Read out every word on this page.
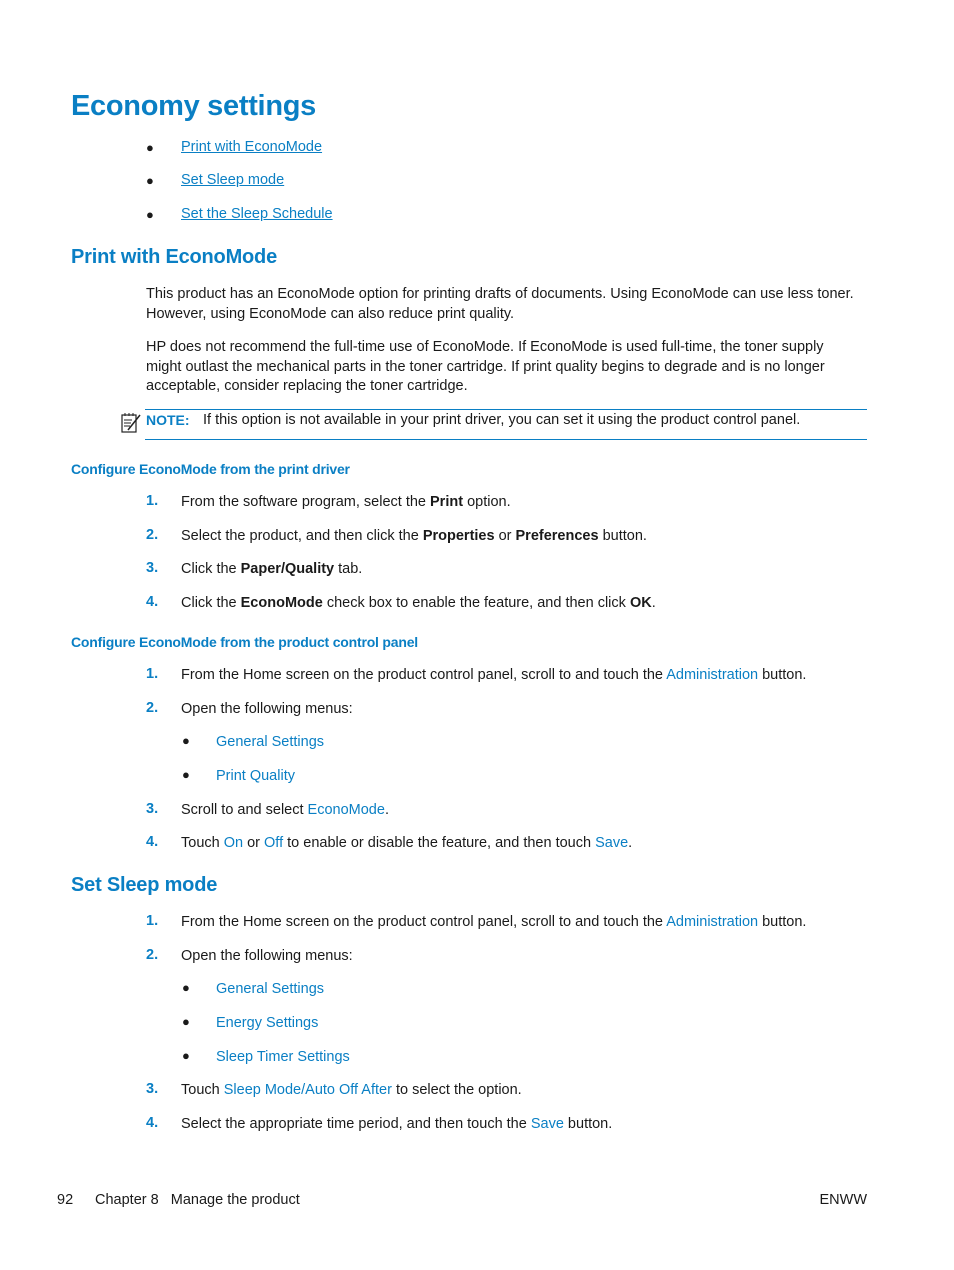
Economy settings
● Print with EconoMode
● Set Sleep mode
● Set the Sleep Schedule
Print with EconoMode
This product has an EconoMode option for printing drafts of documents. Using EconoMode can use less toner.
However, using EconoMode can also reduce print quality.
HP does not recommend the full-time use of EconoMode. If EconoMode is used full-time, the toner supply
might outlast the mechanical parts in the toner cartridge. If print quality begins to degrade and is no longer
acceptable, consider replacing the toner cartridge.
NOTE: If this option is not available in your print driver, you can set it using the product control panel.
Configure EconoMode from the print driver
1. From the software program, select the Print option.
2. Select the product, and then click the Properties or Preferences button.
3. Click the Paper/Quality tab.
4. Click the EconoMode check box to enable the feature, and then click OK.
Configure EconoMode from the product control panel
1. From the Home screen on the product control panel, scroll to and touch the Administration button.
2. Open the following menus:
● General Settings
● Print Quality
3. Scroll to and select EconoMode.
4. Touch On or Off to enable or disable the feature, and then touch Save.
Set Sleep mode
1. From the Home screen on the product control panel, scroll to and touch the Administration button.
2. Open the following menus:
● General Settings
● Energy Settings
● Sleep Timer Settings
3. Touch Sleep Mode/Auto Off After to select the option.
4. Select the appropriate time period, and then touch the Save button.
92 Chapter 8   Manage the product	ENWW
